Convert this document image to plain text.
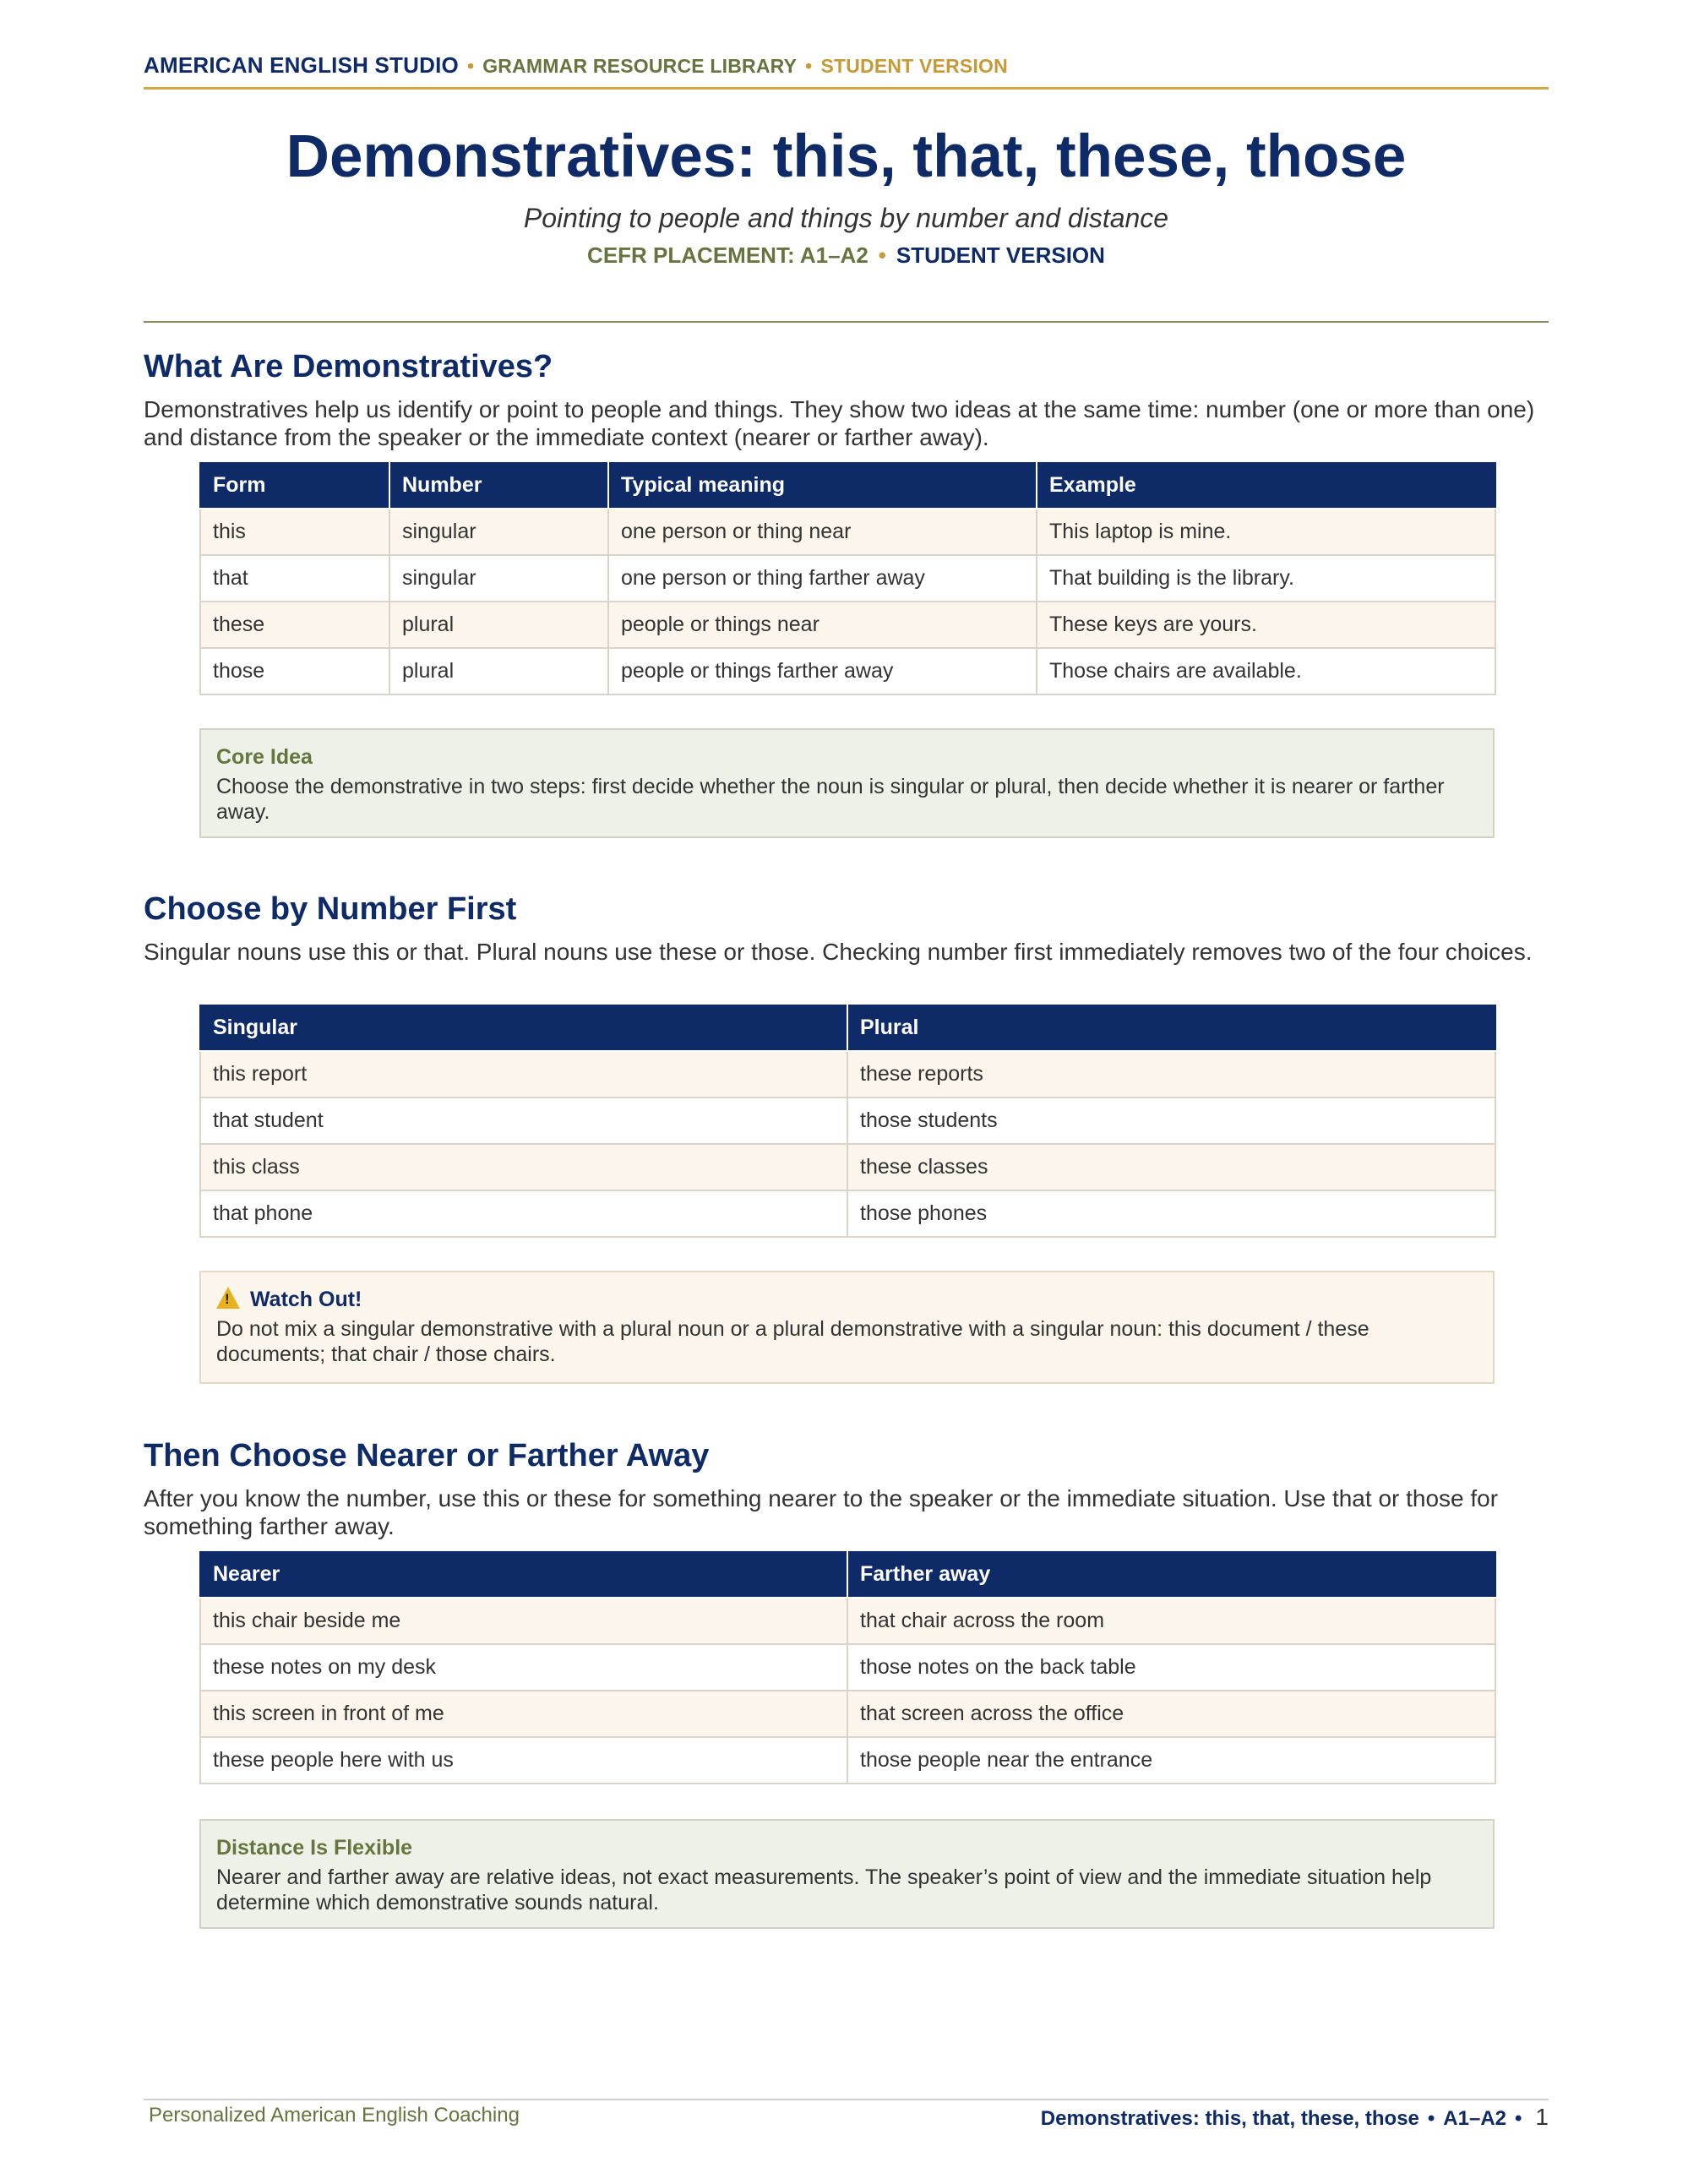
AMERICAN ENGLISH STUDIO • GRAMMAR RESOURCE LIBRARY • STUDENT VERSION
Demonstratives: this, that, these, those

Pointing to people and things by number and distance

CEFR PLACEMENT: A1–A2 • STUDENT VERSION
What Are Demonstratives?

Demonstratives help us identify or point to people and things. They show two ideas at the same time: number (one or more than one) and distance from the speaker or the immediate context (nearer or farther away).

Form	Number	Typical meaning	Example
this	singular	one person or thing near	This laptop is mine.
that	singular	one person or thing farther away	That building is the library.
these	plural	people or things near	These keys are yours.
those	plural	people or things farther away	Those chairs are available.
Core Idea
Choose the demonstrative in two steps: first decide whether the noun is singular or plural, then decide whether it is nearer or farther away.
Choose by Number First

Singular nouns use this or that. Plural nouns use these or those. Checking number first immediately removes two of the four choices.

Singular	Plural
this report	these reports
that student	those students
this class	these classes
that phone	those phones
! Watch Out!
Do not mix a singular demonstrative with a plural noun or a plural demonstrative with a singular noun: this document / these documents; that chair / those chairs.
Then Choose Nearer or Farther Away

After you know the number, use this or these for something nearer to the speaker or the immediate situation. Use that or those for something farther away.

Nearer	Farther away
this chair beside me	that chair across the room
these notes on my desk	those notes on the back table
this screen in front of me	that screen across the office
these people here with us	those people near the entrance
Distance Is Flexible
Nearer and farther away are relative ideas, not exact measurements. The speaker’s point of view and the immediate situation help determine which demonstrative sounds natural.
Personalized American English Coaching	Demonstratives: this, that, these, those • A1–A2 • 1
